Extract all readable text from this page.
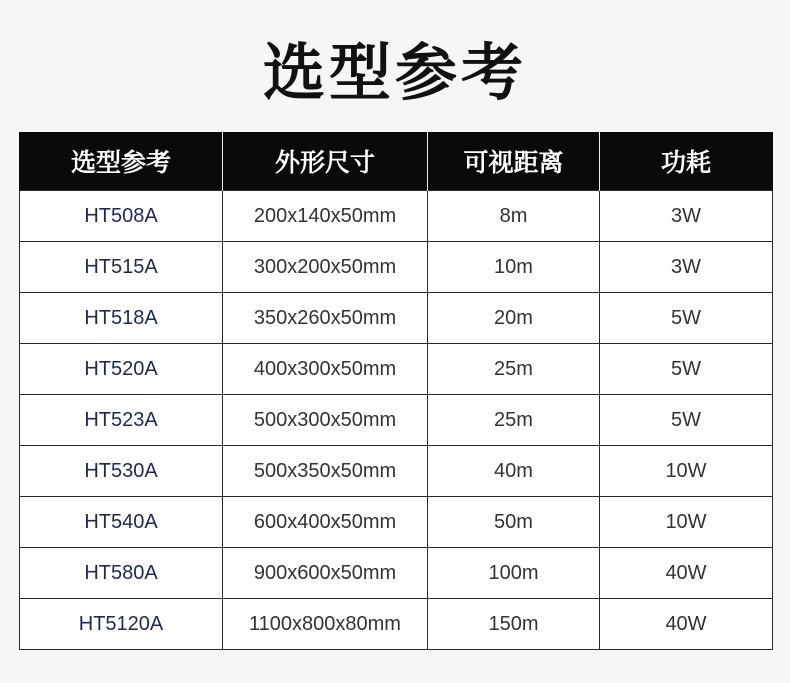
选型参考
选型参考	外形尺寸	可视距离	功耗
HT508A	200x140x50mm	8m	3W
HT515A	300x200x50mm	10m	3W
HT518A	350x260x50mm	20m	5W
HT520A	400x300x50mm	25m	5W
HT523A	500x300x50mm	25m	5W
HT530A	500x350x50mm	40m	10W
HT540A	600x400x50mm	50m	10W
HT580A	900x600x50mm	100m	40W
HT5120A	1100x800x80mm	150m	40W
